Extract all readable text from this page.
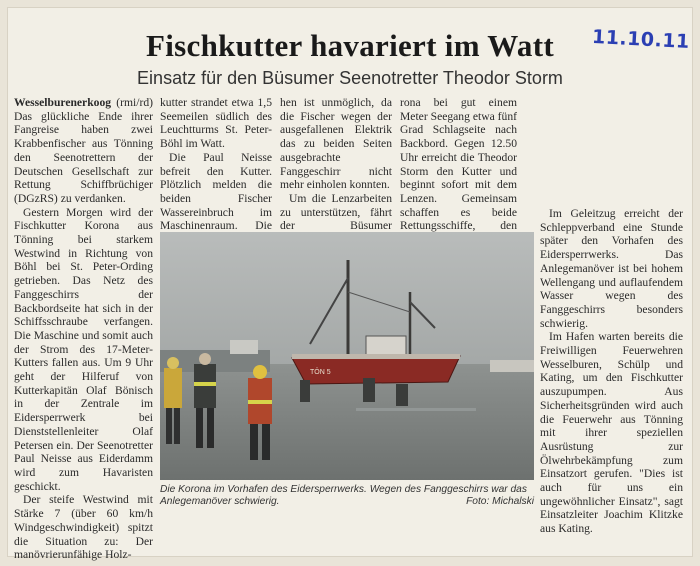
11.10.11
Fischkutter havariert im Watt
Einsatz für den Büsumer Seenotretter Theodor Storm

Wesselburenerkoog (rmi/rd) Das glückliche Ende ihrer Fangreise haben zwei Krabbenfischer aus Tönning den Seenotrettern der Deutschen Gesellschaft zur Rettung Schiffbrüchiger (DGzRS) zu verdanken.

Gestern Morgen wird der Fischkutter Korona aus Tönning bei starkem Westwind in Richtung von Böhl bei St. Peter-Ording getrieben. Das Netz des Fanggeschirrs der Backbordseite hat sich in der Schiffsschraube verfangen. Die Maschine und somit auch der Strom des 17-Meter-Kutters fallen aus. Um 9 Uhr geht der Hilferuf von Kutterkapitän Olaf Bönisch in der Zentrale im Eidersperrwerk bei Dienststellenleiter Olaf Petersen ein. Der Seenotretter Paul Neisse aus Eiderdamm wird zum Havaristen geschickt.

Der steife Westwind mit Stärke 7 (über 60 km/h Windgeschwindigkeit) spitzt die Situation zu: Der manövrierunfähige Holz-

kutter strandet etwa 1,5 Seemeilen südlich des Leuchtturms St. Peter-Böhl im Watt.

Die Paul Neisse befreit den Kutter. Plötzlich melden die beiden Fischer Wassereinbruch im Maschinenraum. Die

hen ist unmöglich, da die Fischer wegen der ausgefallenen Elektrik das zu beiden Seiten ausgebrachte Fanggeschirr nicht mehr einholen konnten.

Um die Lenzarbeiten zu unterstützen, fährt der Büsumer

rona bei gut einem Meter Seegang etwa fünf Grad Schlagseite nach Backbord. Gegen 12.50 Uhr erreicht die Theodor Storm den Kutter und beginnt sofort mit dem Lenzen. Gemeinsam schaffen es beide Rettungsschiffe, den

Im Geleitzug erreicht der Schleppverband eine Stunde später den Vorhafen des Eidersperrwerks. Das Anlegemanöver ist bei hohem Wellengang und auflaufendem Wasser wegen des Fanggeschirrs besonders schwierig.

Im Hafen warten bereits die Freiwilligen Feuerwehren Wesselburen, Schülp und Kating, um den Fischkutter auszupumpen. Aus Sicherheitsgründen wird auch die Feuerwehr aus Tönning mit ihrer speziellen Ausrüstung zur Ölwehrbekämpfung zum Einsatzort gerufen. "Dies ist auch für uns ein ungewöhnlicher Einsatz", sagt Einsatzleiter Joachim Klitzke aus Kating.

TÖN 5
Die Korona im Vorhafen des Eidersperrwerks. Wegen des Fanggeschirrs war das Anlegemanöver schwierig.	Foto: Michalski
